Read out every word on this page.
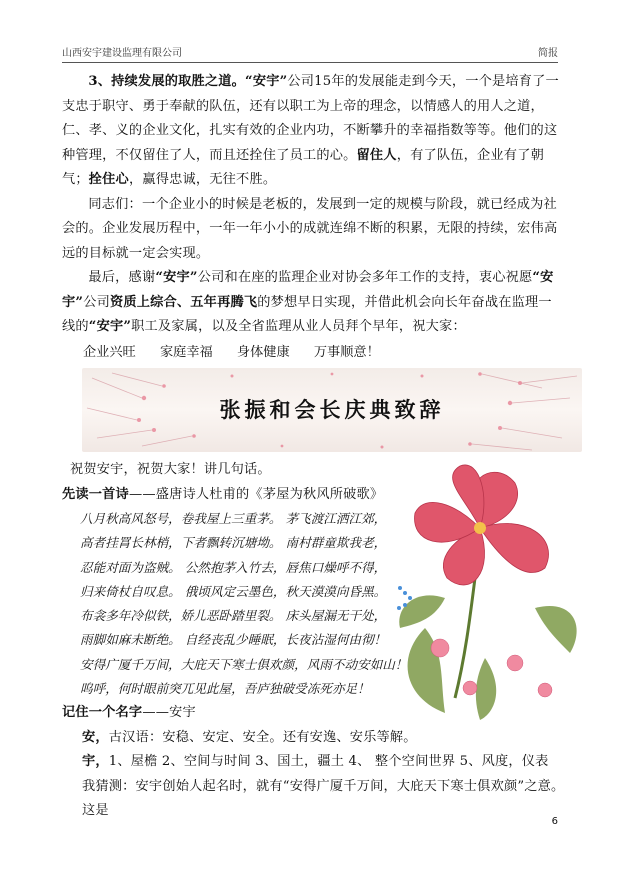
山西安宇建设监理有限公司	简报

3、持续发展的取胜之道。“安宇”公司15年的发展能走到今天，一个是培育了一支忠于职守、勇于奉献的队伍，还有以职工为上帝的理念，以情感人的用人之道，仁、孝、义的企业文化，扎实有效的企业内功，不断攀升的幸福指数等等。他们的这种管理，不仅留住了人，而且还拴住了员工的心。留住人，有了队伍，企业有了朝气；拴住心，赢得忠诚，无往不胜。

同志们：一个企业小的时候是老板的，发展到一定的规模与阶段，就已经成为社会的。企业发展历程中，一年一年小小的成就连绵不断的积累，无限的持续，宏伟高远的目标就一定会实现。

最后，感谢“安宇”公司和在座的监理企业对协会多年工作的支持，衷心祝愿“安宇”公司资质上综合、五年再腾飞的梦想早日实现，并借此机会向长年奋战在监理一线的“安宇”职工及家属，以及全省监理从业人员拜个早年，祝大家：

企业兴旺 家庭幸福 身体健康 万事顺意！

张振和会长庆典致辞

祝贺安宇，祝贺大家！讲几句话。

先读一首诗——盛唐诗人杜甫的《茅屋为秋风所破歌》

八月秋高风怒号，卷我屋上三重茅。 茅飞渡江洒江郊，

高者挂罥长林梢，下者飘转沉塘坳。 南村群童欺我老，

忍能对面为盗贼。 公然抱茅入竹去，唇焦口燥呼不得，

归来倚杖自叹息。 俄顷风定云墨色，秋天漠漠向昏黑。

布衾多年冷似铁，娇儿恶卧踏里裂。 床头屋漏无干处，

雨脚如麻未断绝。 自经丧乱少睡眠，长夜沾湿何由彻！

安得广厦千万间，大庇天下寒士俱欢颜，风雨不动安如山！

呜呼，何时眼前突兀见此屋，吾庐独破受冻死亦足！

记住一个名字——安宇

安，古汉语：安稳、安定、安全。还有安逸、安乐等解。

宇，1、屋檐 2、空间与时间 3、国土，疆土 4、 整个空间世界 5、风度，仪表

我猜测：安宇创始人起名时，就有“安得广厦千万间，大庇天下寒士俱欢颜”之意。这是

6
